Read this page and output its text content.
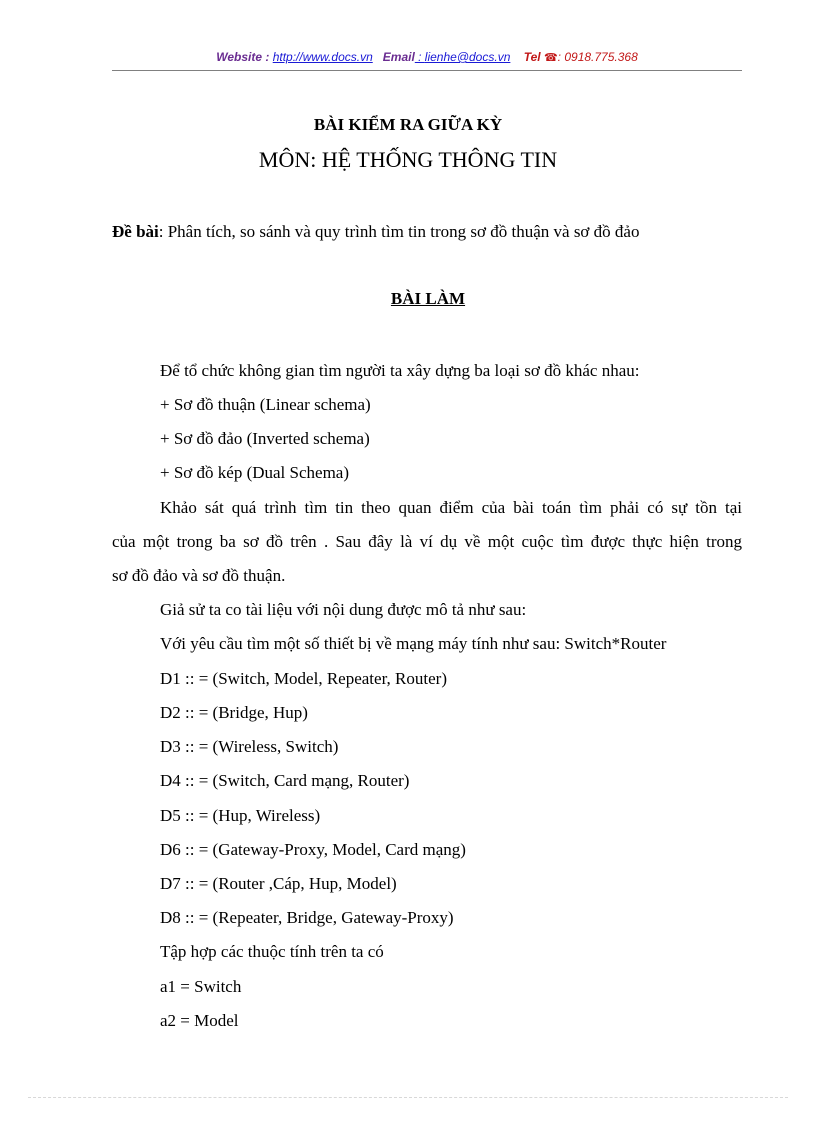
Website : http://www.docs.vn Email : lienhe@docs.vn Tel ☎: 0918.775.368
BÀI KIỂM RA GIỮA KỲ
MÔN: HỆ THỐNG THÔNG TIN
Đề bài: Phân tích, so sánh và quy trình tìm tin trong sơ đồ thuận và sơ đồ đảo
BÀI LÀM
Để tổ chức không gian tìm người ta xây dựng ba loại sơ đồ khác nhau:
+ Sơ đồ thuận (Linear schema)
+ Sơ đồ đảo (Inverted schema)
+ Sơ đồ kép (Dual Schema)
Khảo sát quá trình tìm tin theo quan điểm của bài toán tìm phải có sự tồn tại
của một trong ba sơ đồ trên . Sau đây là ví dụ về một cuộc tìm được thực hiện trong
sơ đồ đảo và sơ đồ thuận.
Giả sử ta co tài liệu với nội dung được mô tả như sau:
Với yêu cầu tìm một số thiết bị về mạng máy tính như sau: Switch*Router
D1 :: = (Switch, Model, Repeater, Router)
D2 :: = (Bridge, Hup)
D3 :: = (Wireless, Switch)
D4 :: = (Switch, Card mạng, Router)
D5 :: = (Hup, Wireless)
D6 :: = (Gateway-Proxy, Model, Card mạng)
D7 :: = (Router ,Cáp, Hup, Model)
D8 :: = (Repeater, Bridge, Gateway-Proxy)
Tập hợp các thuộc tính trên ta có
a1 = Switch
a2 = Model
